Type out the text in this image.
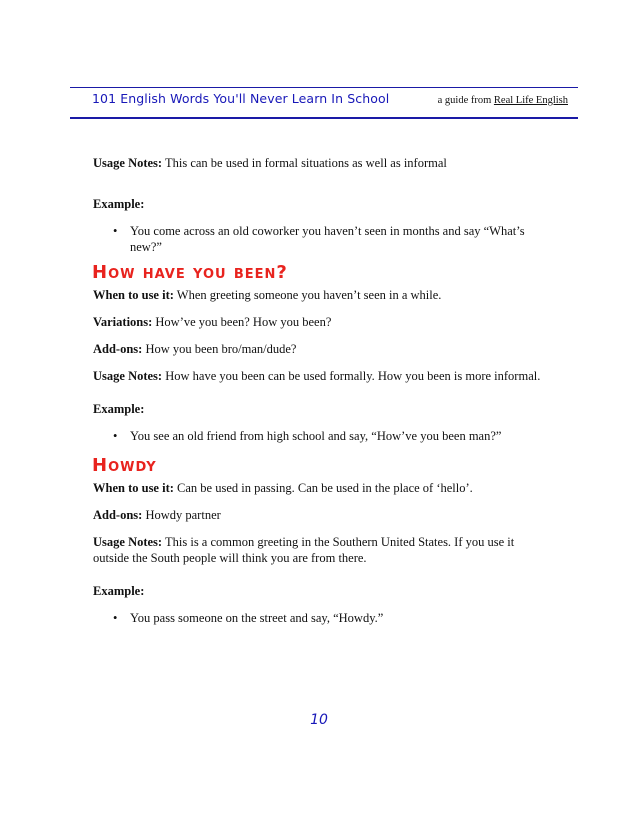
101 English Words You'll Never Learn In School	a guide from Real Life English

Usage Notes: This can be used in formal situations as well as informal

Example:

• You come across an old coworker you haven’t seen in months and say “What’s new?”
How have you been?

When to use it: When greeting someone you haven’t seen in a while.

Variations: How’ve you been? How you been?

Add-ons: How you been bro/man/dude?

Usage Notes: How have you been can be used formally. How you been is more informal.

Example:

• You see an old friend from high school and say, “How’ve you been man?”
Howdy

When to use it: Can be used in passing. Can be used in the place of ‘hello’.

Add-ons: Howdy partner

Usage Notes: This is a common greeting in the Southern United States. If you use it outside the South people will think you are from there.

Example:

• You pass someone on the street and say, “Howdy.”
10
